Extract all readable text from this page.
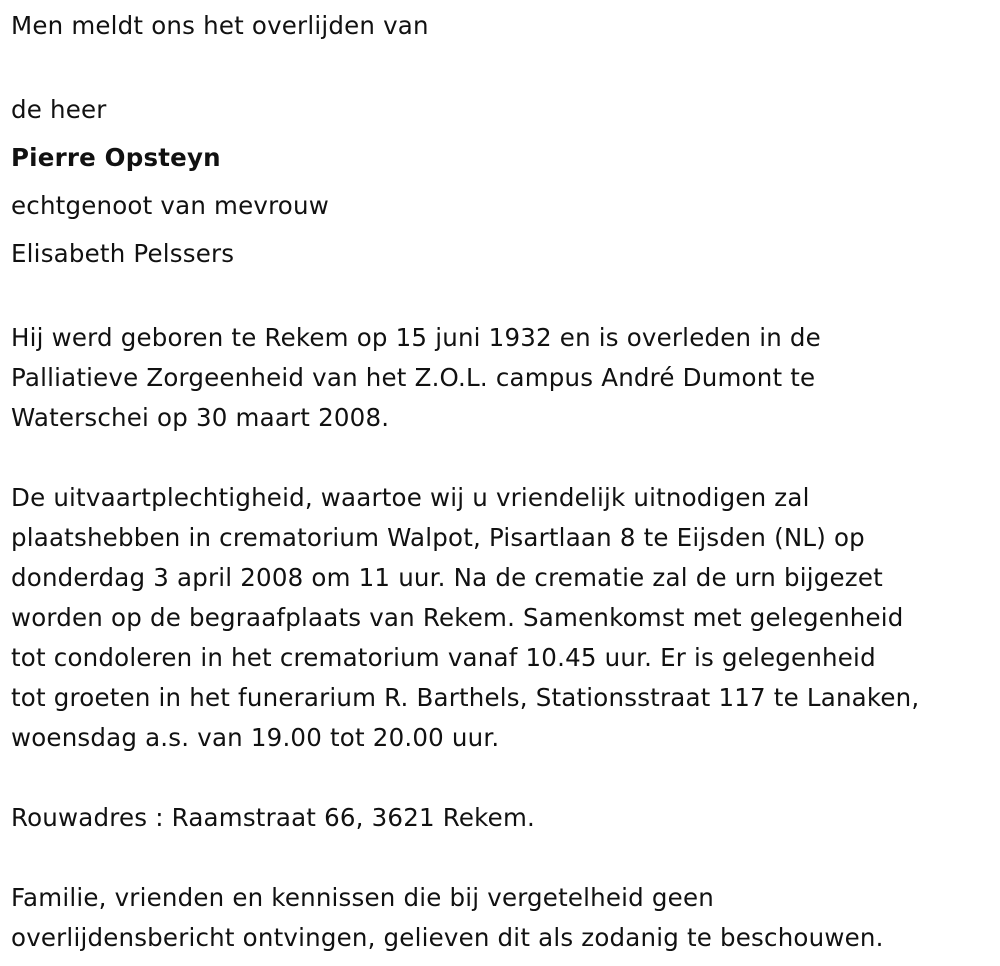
Men meldt ons het overlijden van
de heer
Pierre Opsteyn
echtgenoot van mevrouw
Elisabeth Pelssers
Hij werd geboren te Rekem op 15 juni 1932 en is overleden in de
Palliatieve Zorgeenheid van het Z.O.L. campus André Dumont te
Waterschei op 30 maart 2008.
De uitvaartplechtigheid, waartoe wij u vriendelijk uitnodigen zal
plaatshebben in crematorium Walpot, Pisartlaan 8 te Eijsden (NL) op
donderdag 3 april 2008 om 11 uur. Na de crematie zal de urn bijgezet
worden op de begraafplaats van Rekem. Samenkomst met gelegenheid
tot condoleren in het crematorium vanaf 10.45 uur. Er is gelegenheid
tot groeten in het funerarium R. Barthels, Stationsstraat 117 te Lanaken,
woensdag a.s. van 19.00 tot 20.00 uur.
Rouwadres : Raamstraat 66, 3621 Rekem.
Familie, vrienden en kennissen die bij vergetelheid geen
overlijdensbericht ontvingen, gelieven dit als zodanig te beschouwen.
